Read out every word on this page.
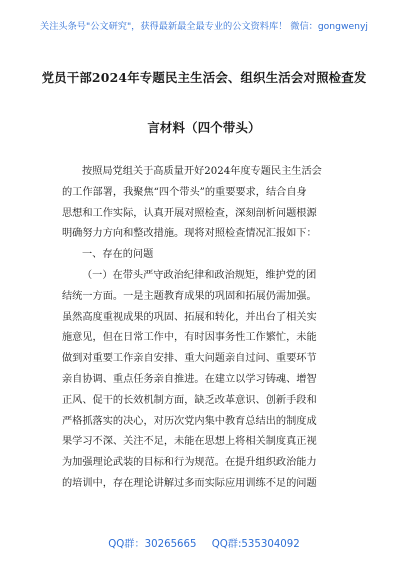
关注头条号"公文研究"，获得最新最全最专业的公文资料库！ 微信：gongwenyj
党员干部2024年专题民主生活会、组织生活会对照检查发
言材料（四个带头）
按照局党组关于高质量开好2024年度专题民主生活会
的工作部署，我聚焦“四个带头”的重要要求，结合自身
思想和工作实际，认真开展对照检查，深刻剖析问题根源
明确努力方向和整改措施。现将对照检查情况汇报如下：
一、存在的问题
（一）在带头严守政治纪律和政治规矩，维护党的团
结统一方面。一是主题教育成果的巩固和拓展仍需加强。
虽然高度重视成果的巩固、拓展和转化，并出台了相关实
施意见，但在日常工作中，有时因事务性工作繁忙，未能
做到对重要工作亲自安排、重大问题亲自过问、重要环节
亲自协调、重点任务亲自推进。在建立以学习铸魂、增智
正风、促干的长效机制方面，缺乏改革意识、创新手段和
严格抓落实的决心，对历次党内集中教育总结出的制度成
果学习不深、关注不足，未能在思想上将相关制度真正视
为加强理论武装的目标和行为规范。在提升组织政治能力
的培训中，存在理论讲解过多而实际应用训练不足的问题
QQ群：30265665 QQ群:535304092
